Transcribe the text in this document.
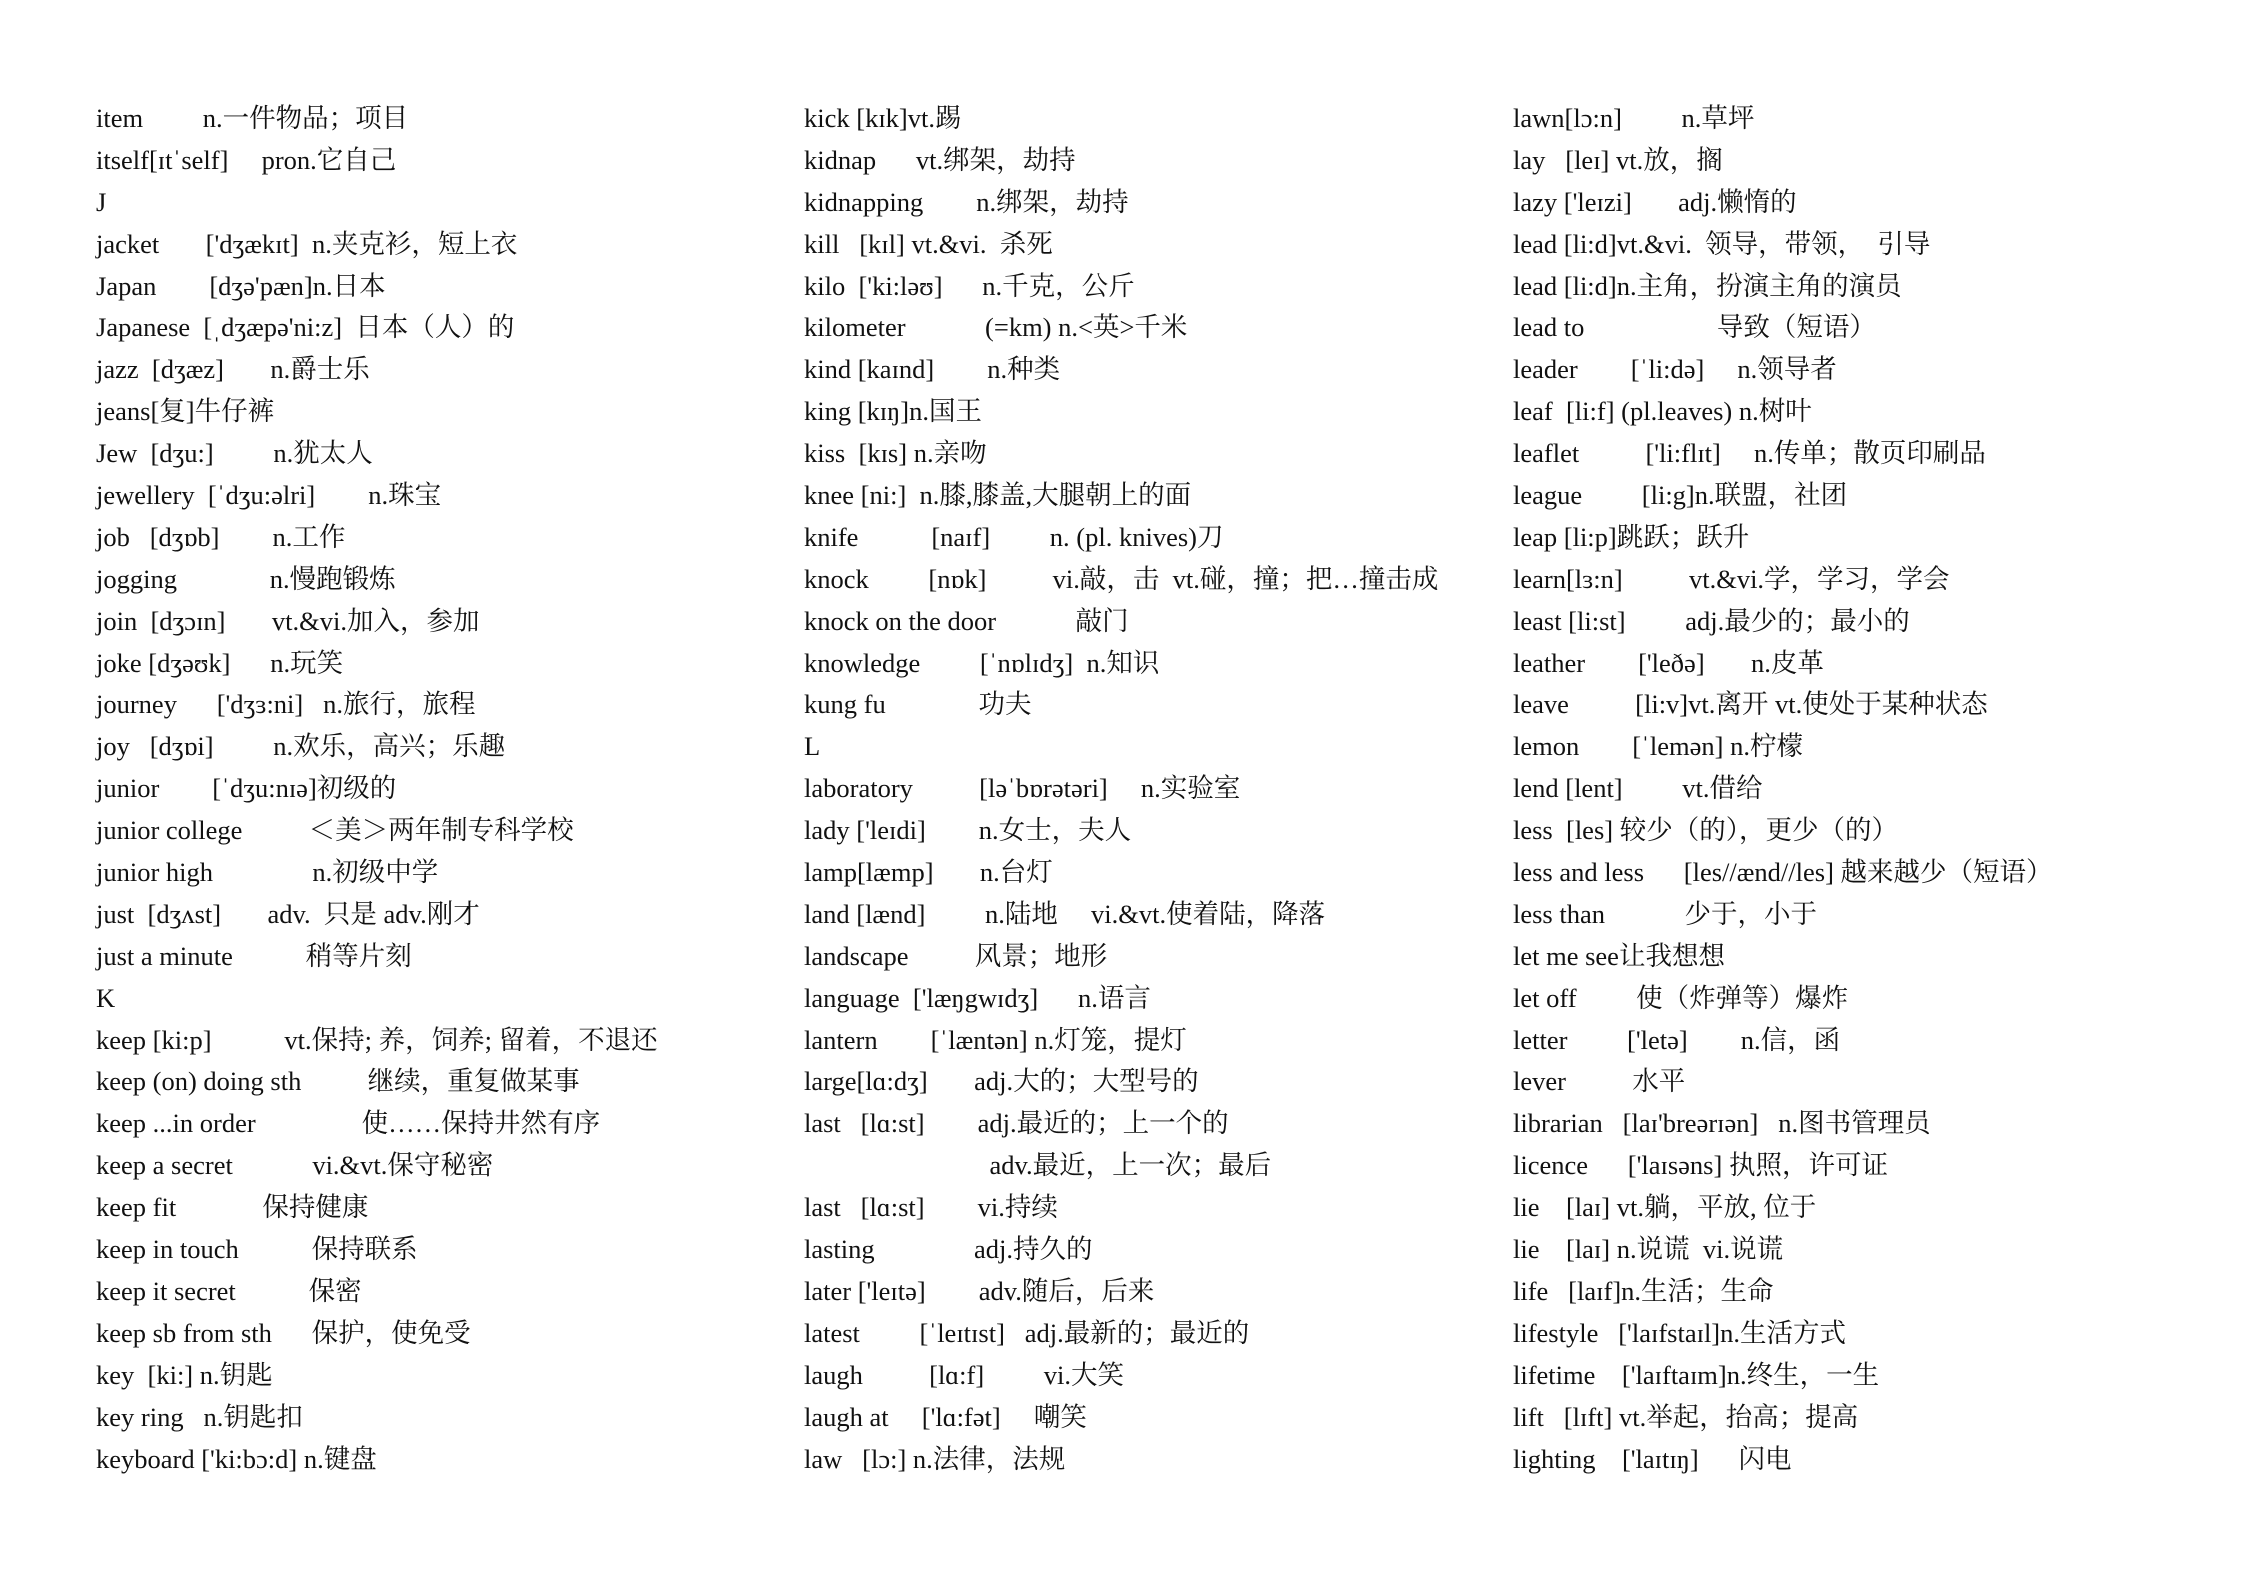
item         n.一件物品；项目
itself[ɪtˈself]     pron.它自己
J
jacket       ['dʒækɪt]  n.夹克衫，短上衣
Japan        [dʒə'pæn]n.日本
Japanese  [ˌdʒæpə'ni:z]  日本（人）的
jazz  [dʒæz]       n.爵士乐
jeans[复]牛仔裤
Jew  [dʒu:]         n.犹太人
jewellery  [ˈdʒu:əlri]        n.珠宝
job   [dʒɒb]        n.工作
jogging              n.慢跑锻炼
join  [dʒɔɪn]       vt.&vi.加入，参加
joke [dʒəʊk]      n.玩笑
journey      ['dʒɜ:ni]   n.旅行，旅程
joy   [dʒɒi]         n.欢乐，高兴；乐趣
junior        [ˈdʒu:nɪə]初级的
junior college          ＜美＞两年制专科学校
junior high               n.初级中学
just  [dʒʌst]       adv.  只是 adv.刚才
just a minute           稍等片刻
K
keep [ki:p]           vt.保持; 养，饲养; 留着，不退还
keep (on) doing sth          继续，重复做某事
keep ...in order                使……保持井然有序
keep a secret            vi.&vt.保守秘密
keep fit             保持健康
keep in touch           保持联系
keep it secret           保密
keep sb from sth      保护，使免受
key  [ki:] n.钥匙
key ring   n.钥匙扣
keyboard ['ki:bɔ:d] n.键盘
kick [kɪk]vt.踢
kidnap      vt.绑架，劫持
kidnapping        n.绑架，劫持
kill   [kɪl] vt.&vi.  杀死
kilo  ['ki:ləʊ]      n.千克，公斤
kilometer            (=km) n.<英>千米
kind [kaɪnd]        n.种类
king [kɪŋ]n.国王
kiss  [kɪs] n.亲吻
knee [ni:]  n.膝,膝盖,大腿朝上的面
knife           [naɪf]         n. (pl. knives)刀
knock         [nɒk]          vi.敲，击  vt.碰，撞；把…撞击成
knock on the door            敲门
knowledge         [ˈnɒlɪdʒ]  n.知识
kung fu              功夫
L
laboratory          [ləˈbɒrətəri]     n.实验室
lady ['leɪdi]        n.女士，夫人
lamp[læmp]       n.台灯
land [lænd]         n.陆地     vi.&vt.使着陆，降落
landscape          风景；地形
language  ['læŋgwɪdʒ]      n.语言
lantern        [ˈlæntən] n.灯笼，提灯
large[lɑ:dʒ]       adj.大的；大型号的
last   [lɑ:st]        adj.最近的；上一个的
adv.最近，上一次；最后
last   [lɑ:st]        vi.持续
lasting               adj.持久的
later ['leɪtə]        adv.随后，后来
latest         [ˈleɪtɪst]   adj.最新的；最近的
laugh          [lɑ:f]         vi.大笑
laugh at     ['lɑ:fət]     嘲笑
law   [lɔ:] n.法律，法规
lawn[lɔ:n]         n.草坪
lay   [leɪ] vt.放，搁
lazy ['leɪzi]       adj.懒惰的
lead [li:d]vt.&vi.  领导，带领，  引导
lead [li:d]n.主角，扮演主角的演员
lead to                    导致（短语）
leader        [ˈli:də]     n.领导者
leaf  [li:f] (pl.leaves) n.树叶
leaflet          ['li:flɪt]     n.传单；散页印刷品
league         [li:g]n.联盟，社团
leap [li:p]跳跃；跃升
learn[lɜ:n]          vt.&vi.学，学习，学会
least [li:st]         adj.最少的；最小的
leather        ['leðə]       n.皮革
leave          [li:v]vt.离开 vt.使处于某种状态
lemon        [ˈlemən] n.柠檬
lend [lent]         vt.借给
less  [les] 较少（的），更少（的）
less and less      [les//ænd//les] 越来越少（短语）
less than            少于，小于
let me see让我想想
let off         使（炸弹等）爆炸
letter         ['letə]        n.信，函
lever          水平
librarian   [laɪ'breərɪən]   n.图书管理员
licence      ['laɪsəns] 执照，许可证
lie    [laɪ] vt.躺，平放, 位于
lie    [laɪ] n.说谎  vi.说谎
life   [laɪf]n.生活；生命
lifestyle   ['laɪfstaɪl]n.生活方式
lifetime    ['laɪftaɪm]n.终生，一生
lift   [lɪft] vt.举起，抬高；提高
lighting    ['laɪtɪŋ]      闪电
